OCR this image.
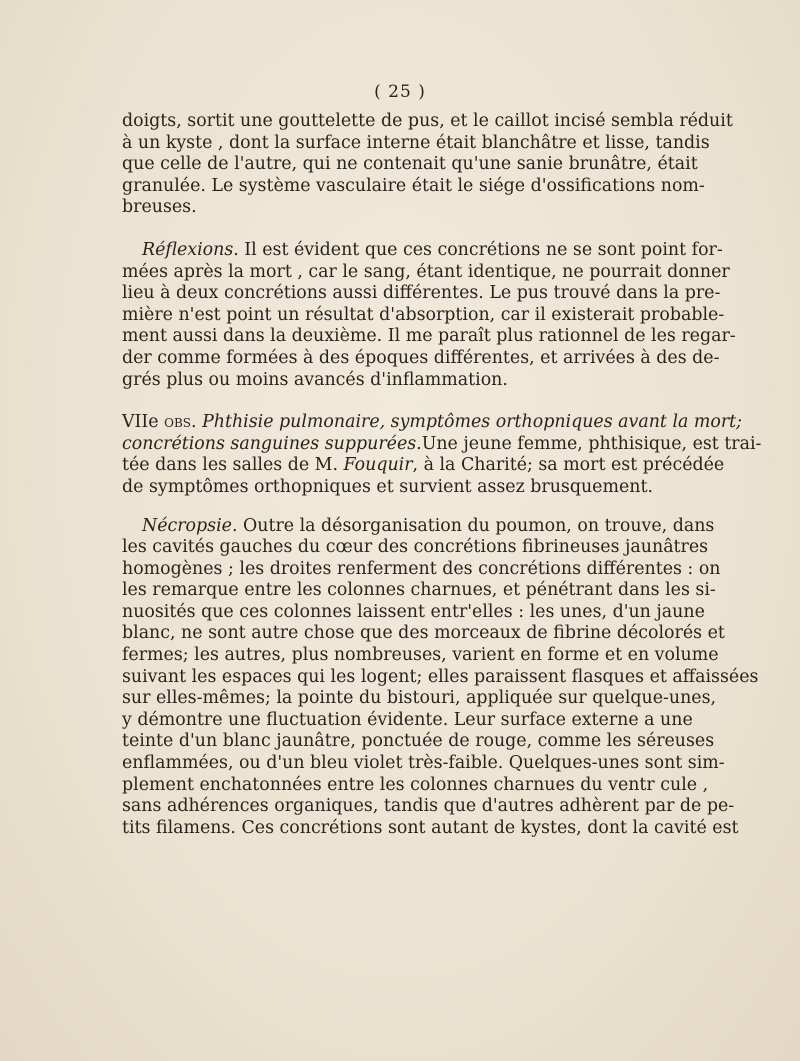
( 25 )
doigts, sortit une gouttelette de pus, et le caillot incisé sembla réduit
à un kyste , dont la surface interne était blanchâtre et lisse, tandis
que celle de l'autre, qui ne contenait qu'une sanie brunâtre, était
granulée. Le système vasculaire était le siége d'ossifications nom-
breuses.
Réflexions. Il est évident que ces concrétions ne se sont point for-
mées après la mort , car le sang, étant identique, ne pourrait donner
lieu à deux concrétions aussi différentes. Le pus trouvé dans la pre-
mière n'est point un résultat d'absorption, car il existerait probable-
ment aussi dans la deuxième. Il me paraît plus rationnel de les regar-
der comme formées à des époques différentes, et arrivées à des de-
grés plus ou moins avancés d'inflammation.
VIIe obs. Phthisie pulmonaire, symptômes orthopniques avant la mort;
concrétions sanguines suppurées.Une jeune femme, phthisique, est trai-
tée dans les salles de M. Fouquir, à la Charité; sa mort est précédée
de symptômes orthopniques et survient assez brusquement.
Nécropsie. Outre la désorganisation du poumon, on trouve, dans
les cavités gauches du cœur des concrétions fibrineuses jaunâtres
homogènes ; les droites renferment des concrétions différentes : on
les remarque entre les colonnes charnues, et pénétrant dans les si-
nuosités que ces colonnes laissent entr'elles : les unes, d'un jaune
blanc, ne sont autre chose que des morceaux de fibrine décolorés et
fermes; les autres, plus nombreuses, varient en forme et en volume
suivant les espaces qui les logent; elles paraissent flasques et affaissées
sur elles-mêmes; la pointe du bistouri, appliquée sur quelque-unes,
y démontre une fluctuation évidente. Leur surface externe a une
teinte d'un blanc jaunâtre, ponctuée de rouge, comme les séreuses
enflammées, ou d'un bleu violet très-faible. Quelques-unes sont sim-
plement enchatonnées entre les colonnes charnues du ventr cule ,
sans adhérences organiques, tandis que d'autres adhèrent par de pe-
tits filamens. Ces concrétions sont autant de kystes, dont la cavité est
